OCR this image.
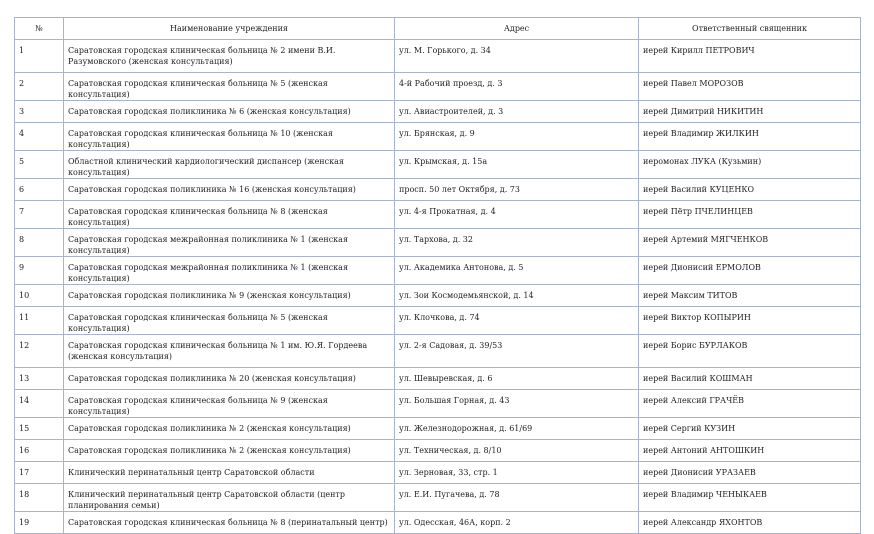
№	Наименование учреждения	Адрес	Ответственный священник
1	Саратовская городская клиническая больница № 2 имени В.И. Разумовского (женская консультация)	ул. М. Горького, д. 34	иерей Кирилл ПЕТРОВИЧ
2	Саратовская городская клиническая больница № 5 (женская консультация)	4-й Рабочий проезд, д. 3	иерей Павел МОРОЗОВ
3	Саратовская городская поликлиника № 6 (женская консультация)	ул. Авиастроителей, д. 3	иерей Димитрий НИКИТИН
4	Саратовская городская клиническая больница № 10 (женская консультация)	ул. Брянская, д. 9	иерей Владимир ЖИЛКИН
5	Областной клинический кардиологический диспансер (женская консультация)	ул. Крымская, д. 15а	иеромонах ЛУКА (Кузьмин)
6	Саратовская городская поликлиника № 16 (женская консультация)	просп. 50 лет Октября, д. 73	иерей Василий КУЦЕНКО
7	Саратовская городская клиническая больница № 8 (женская консультация)	ул. 4-я Прокатная, д. 4	иерей Пётр ПЧЕЛИНЦЕВ
8	Саратовская городская межрайонная поликлиника № 1 (женская консультация)	ул. Тархова, д. 32	иерей Артемий МЯГЧЕНКОВ
9	Саратовская городская межрайонная поликлиника № 1 (женская консультация)	ул. Академика Антонова, д. 5	иерей Дионисий ЕРМОЛОВ
10	Саратовская городская поликлиника № 9 (женская консультация)	ул. Зои Космодемьянской, д. 14	иерей Максим ТИТОВ
11	Саратовская городская клиническая больница № 5 (женская консультация)	ул. Клочкова, д. 74	иерей Виктор КОПЫРИН
12	Саратовская городская клиническая больница № 1 им. Ю.Я. Гордеева (женская консультация)	ул. 2-я Садовая, д. 39/53	иерей Борис БУРЛАКОВ
13	Саратовская городская поликлиника № 20 (женская консультация)	ул. Шевыревская, д. 6	иерей Василий КОШМАН
14	Саратовская городская клиническая больница № 9 (женская консультация)	ул. Большая Горная, д. 43	иерей Алексий ГРАЧЁВ
15	Саратовская городская поликлиника № 2 (женская консультация)	ул. Железнодорожная, д. 61/69	иерей Сергий КУЗИН
16	Саратовская городская поликлиника № 2 (женская консультация)	ул. Техническая, д. 8/10	иерей Антоний АНТОШКИН
17	Клинический перинатальный центр Саратовской области	ул. Зерновая, 33, стр. 1	иерей Дионисий УРАЗАЕВ
18	Клинический перинатальный центр Саратовской области (центр планирования семьи)	ул. Е.И. Пугачева, д. 78	иерей Владимир ЧЕНЫКАЕВ
19	Саратовская городская клиническая больница № 8 (перинатальный центр)	ул. Одесская, 46А, корп. 2	иерей Александр ЯХОНТОВ
